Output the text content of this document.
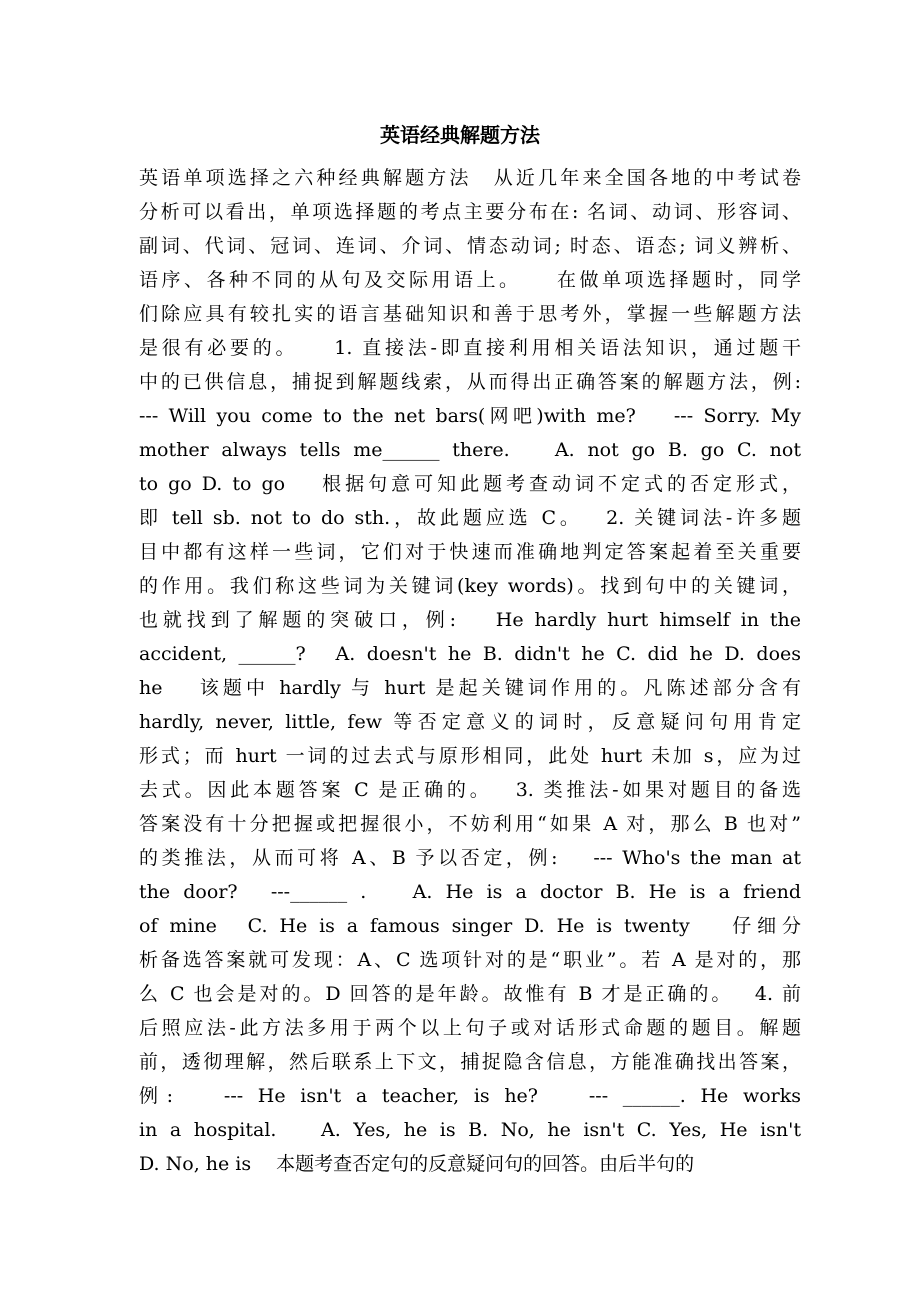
英语经典解题方法
英语单项选择之六种经典解题方法　从近几年来全国各地的中考试卷
分析可以看出，单项选择题的考点主要分布在: 名词、动词、形容词、
副词、代词、冠词、连词、介词、情态动词; 时态、语态; 词义辨析、
语序、各种不同的从句及交际用语上。　　在做单项选择题时，同学
们除应具有较扎实的语言基础知识和善于思考外，掌握一些解题方法
是很有必要的。　　1. 直接法-即直接利用相关语法知识，通过题干
中的已供信息，捕捉到解题线索，从而得出正确答案的解题方法，例:
--- Will you come to the net bars(网吧)with me?　 --- Sorry. My
mother always tells me______ there.　 A. not go B. go C. not
to go D. to go　 根据句意可知此题考查动词不定式的否定形式，
即 tell sb. not to do sth.，故此题应选 C。　 2. 关键词法-许多题
目中都有这样一些词，它们对于快速而准确地判定答案起着至关重要
的作用。我们称这些词为关键词(key words)。找到句中的关键词，
也就找到了解题的突破口，例:　 He hardly hurt himself in the
accident, ______?　A. doesn't he B. didn't he C. did he D. does
he　 该题中 hardly 与 hurt 是起关键词作用的。凡陈述部分含有
hardly, never, little, few 等否定意义的词时，反意疑问句用肯定
形式；而 hurt 一词的过去式与原形相同，此处 hurt 未加 s，应为过
去式。因此本题答案 C 是正确的。　 3. 类推法-如果对题目的备选
答案没有十分把握或把握很小，不妨利用“如果 A 对，那么 B 也对”
的类推法，从而可将 A、B 予以否定，例:　 --- Who's the man at
the door?　---______ .　 A. He is a doctor B. He is a friend
of mine　C. He is a famous singer D. He is twenty　 仔细分
析备选答案就可发现：A、C 选项针对的是“职业”。若 A 是对的，那
么 C 也会是对的。D 回答的是年龄。故惟有 B 才是正确的。　 4. 前
后照应法-此方法多用于两个以上句子或对话形式命题的题目。解题
前，透彻理解，然后联系上下文，捕捉隐含信息，方能准确找出答案，
例:　 --- He isn't a teacher, is he?　 --- ______. He works
in a hospital.　 A. Yes, he is B. No, he isn't C. Yes, He isn't
D. No, he is　 本题考查否定句的反意疑问句的回答。由后半句的
